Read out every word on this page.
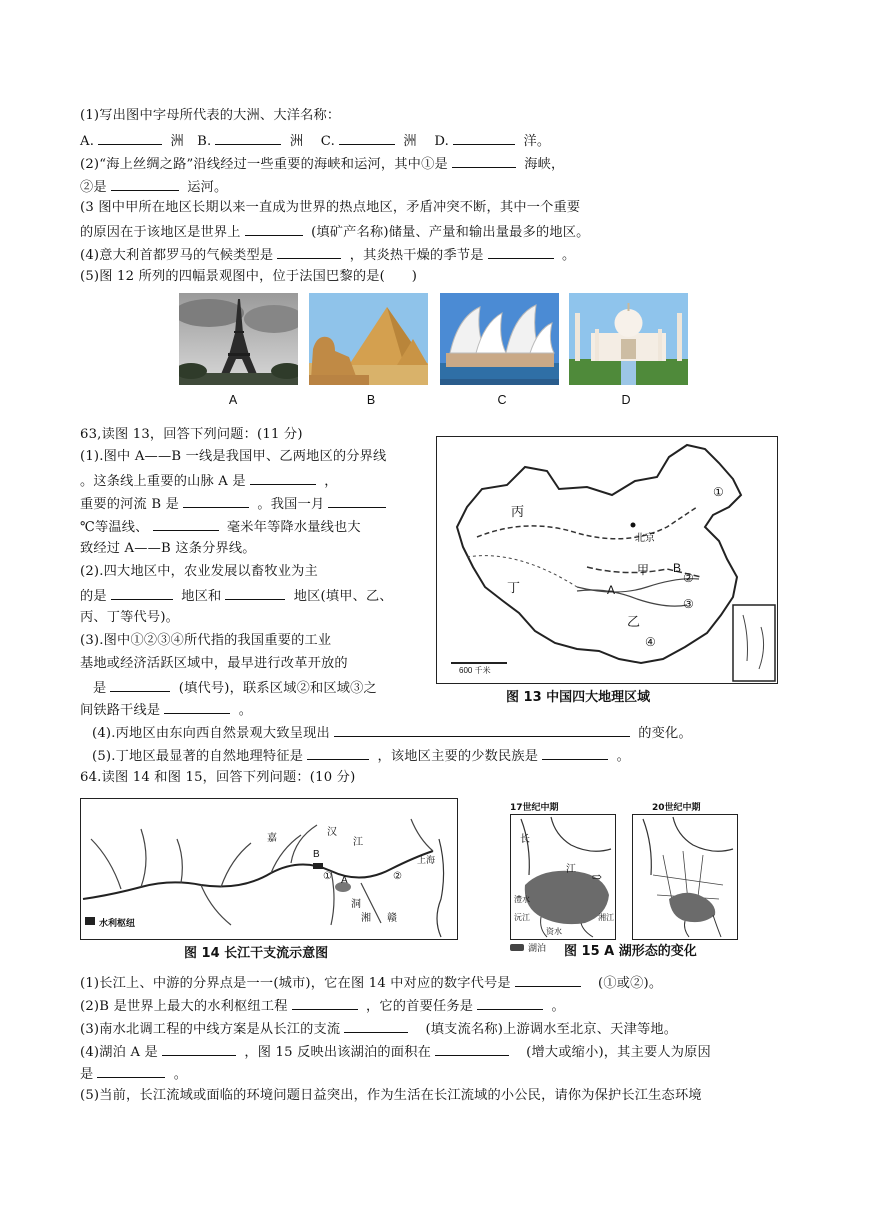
(1)写出图中字母所代表的大洲、大洋名称：
A.	洲 B.	洲 C.	洲 D.	洋。
(2)“海上丝绸之路”沿线经过一些重要的海峡和运河，其中①是	海峡，
②是	运河。
(3 图中甲所在地区长期以来一直成为世界的热点地区，矛盾冲突不断，其中一个重要
的原因在于该地区是世界上	(填矿产名称)储量、产量和输出量最多的地区。
(4)意大利首都罗马的气候类型是	，其炎热干燥的季节是	。
(5)图 12 所列的四幅景观图中，位于法国巴黎的是(　　)
A	B	C	D
63,读图 13，回答下列问题：(11 分)
(1).图中 A——B 一线是我国甲、乙两地区的分界线
。这条线上重要的山脉 A 是	，
重要的河流 B 是	。我国一月
℃等温线、	毫米年等降水量线也大
致经过 A——B 这条分界线。
(2).四大地区中，农业发展以畜牧业为主
的是	地区和	地区(填甲、乙、
丙、丁等代号)。
(3).图中①②③④所代指的我国重要的工业
基地或经济活跃区域中，最早进行改革开放的
是	(填代号)，联系区域②和区域③之
间铁路干线是	。
(4).丙地区由东向西自然景观大致呈现出	的变化。
(5).丁地区最显著的自然地理特征是	，该地区主要的少数民族是	。
丙
甲
丁
乙
A
B
①
②
③
④
北京
600 千米
图 13 中国四大地理区域
64.读图 14 和图 15，回答下列问题：(10 分)
嘉
汉
江
上海
A
B
①	②
洞
湘 赣
水利枢纽
图 14 长江干支流示意图
17世纪中期	20世纪中期
⇨
长
江
澧水
沅江
资水
湘江
湖泊 图 15 A 湖形态的变化
(1)长江上、中游的分界点是一一(城市)，它在图 14 中对应的数字代号是	(①或②)。
(2)B 是世界上最大的水利枢纽工程	，它的首要任务是	。
(3)南水北调工程的中线方案是从长江的支流	(填支流名称)上游调水至北京、天津等地。
(4)湖泊 A 是	，图 15 反映出该湖泊的面积在	(增大或缩小)，其主要人为原因
是	。
(5)当前，长江流域或面临的环境问题日益突出，作为生活在长江流域的小公民，请你为保护长江生态环境
